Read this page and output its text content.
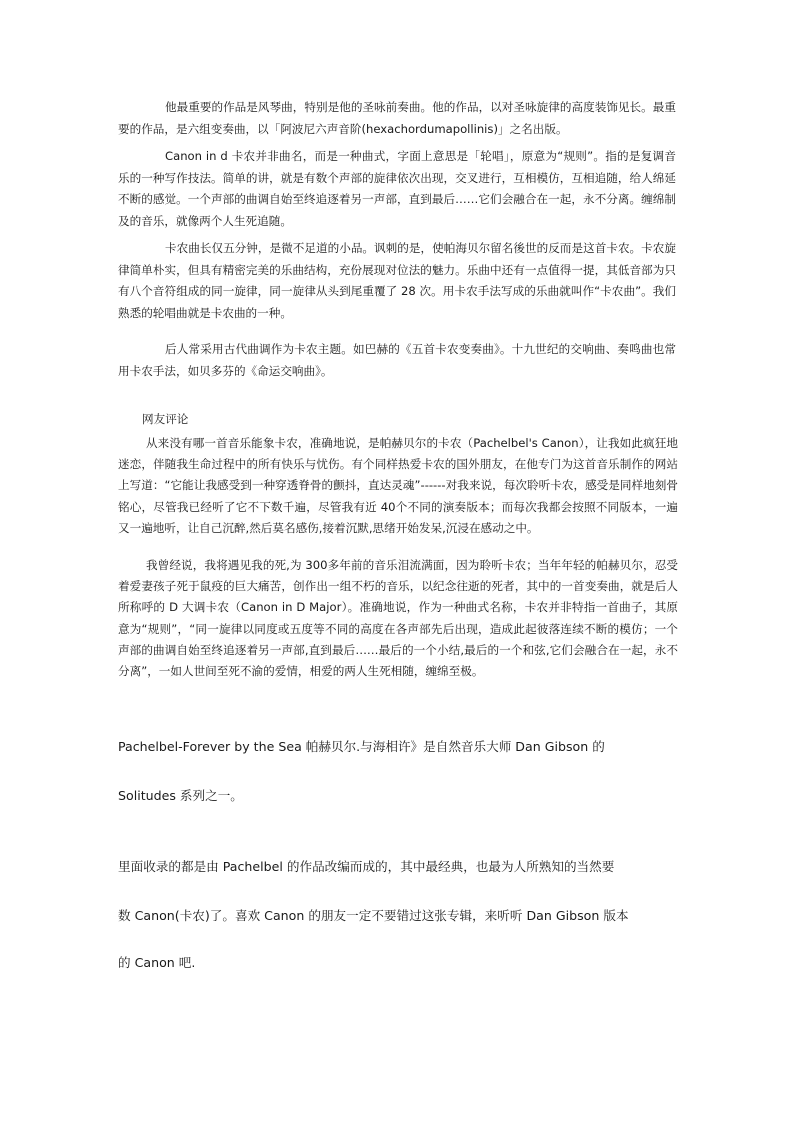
他最重要的作品是风琴曲，特别是他的圣咏前奏曲。他的作品，以对圣咏旋律的高度装饰见长。最重要的作品，是六组变奏曲，以「阿波尼六声音阶(hexachordumapollinis)」之名出版。

Canon in d 卡农并非曲名，而是一种曲式，字面上意思是「轮唱」，原意为“规则”。指的是复调音乐的一种写作技法。简单的讲，就是有数个声部的旋律依次出现，交叉进行，互相模仿，互相追随，给人绵延不断的感觉。一个声部的曲调自始至终追逐着另一声部，直到最后……它们会融合在一起，永不分离。缠绵制及的音乐，就像两个人生死追随。

卡农曲长仅五分钟，是微不足道的小品。讽刺的是，使帕海贝尔留名後世的反而是这首卡农。卡农旋律简单朴实，但具有精密完美的乐曲结构，充份展现对位法的魅力。乐曲中还有一点值得一提，其低音部为只有八个音符组成的同一旋律，同一旋律从头到尾重覆了 28 次。用卡农手法写成的乐曲就叫作“卡农曲”。我们熟悉的轮唱曲就是卡农曲的一种。

后人常采用古代曲调作为卡农主题。如巴赫的《五首卡农变奏曲》。十九世纪的交响曲、奏鸣曲也常用卡农手法，如贝多芬的《命运交响曲》。

网友评论

从来没有哪一首音乐能象卡农，准确地说，是帕赫贝尔的卡农（Pachelbel's Canon），让我如此疯狂地迷恋，伴随我生命过程中的所有快乐与忧伤。有个同样热爱卡农的国外朋友，在他专门为这首音乐制作的网站上写道：“它能让我感受到一种穿透脊骨的颤抖，直达灵魂”------对我来说，每次聆听卡农，感受是同样地刻骨铭心，尽管我已经听了它不下数千遍，尽管我有近 40个不同的演奏版本；而每次我都会按照不同版本，一遍又一遍地听，让自己沉醉,然后莫名感伤,接着沉默,思绪开始发呆,沉浸在感动之中。

我曾经说，我将遇见我的死,为 300多年前的音乐泪流满面，因为聆听卡农；当年年轻的帕赫贝尔，忍受着爱妻孩子死于鼠疫的巨大痛苦，创作出一组不朽的音乐，以纪念往逝的死者，其中的一首变奏曲，就是后人所称呼的 D 大调卡农（Canon in D Major）。准确地说，作为一种曲式名称，卡农并非特指一首曲子，其原意为“规则”，“同一旋律以同度或五度等不同的高度在各声部先后出现，造成此起彼落连续不断的模仿；一个声部的曲调自始至终追逐着另一声部,直到最后……最后的一个小结,最后的一个和弦,它们会融合在一起，永不分离”，一如人世间至死不渝的爱情，相爱的两人生死相随，缠绵至极。

Pachelbel-Forever by the Sea 帕赫贝尔.与海相许》是自然音乐大师 Dan Gibson 的

Solitudes 系列之一。

里面收录的都是由 Pachelbel 的作品改编而成的，其中最经典，也最为人所熟知的当然要

数 Canon(卡农)了。喜欢 Canon 的朋友一定不要错过这张专辑，来听听 Dan Gibson 版本

的 Canon 吧.
